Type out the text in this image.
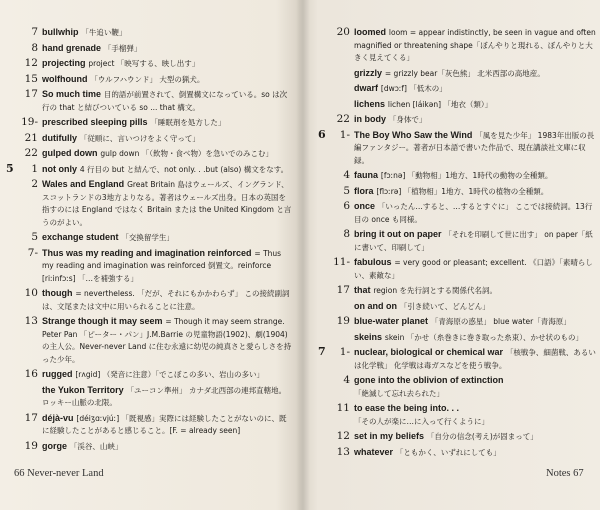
7 bullwhip 「牛追い鞭」
8 hand grenade 「手榴弾」
12 projecting project 「映写する、映し出す」
15 wolfhound 「ウルフハウンド」 大型の猟犬。
17 So much time 目的語が前置されて、倒置構文になっている。so は次行の that と結びついている so ... that 構文。
19- prescribed sleeping pills 「睡眠剤を処方した」
21 dutifully 「従順に、言いつけをよく守って」
22 gulped down gulp down 「（飲物・食べ物）を急いでのみこむ」
5	1 not only 4 行目の but と結んで、not only. . .but (also) 構文をなす。
2 Wales and England Great Britain 島はウェールズ、イングランド、スコットランドの3地方よりなる。著者はウェールズ出身。日本の英国を指すのには England ではなく Britain または the United Kingdom と言うのがよい。
5 exchange student 「交換留学生」
7- Thus was my reading and imagination reinforced = Thus my reading and imagination was reinforced 倒置文。reinforce [riːinfɔːs] 「…を補強する」
10 though = nevertheless. 「だが、それにもかかわらず」 この接続副詞は、文尾または文中に用いられることに注意。
13 Strange though it may seem = Though it may seem strange. Peter Pan 「ピーター・パン」J.M.Barrie の児童物語(1902)、劇(1904) の主人公。Never-never Land に住む永遠に幼児の純真さと愛らしさを持った少年。
16 rugged [rʌgid] （発音に注意）「でこぼこの多い、岩山の多い」
the Yukon Territory 「ユーコン準州」 カナダ北西部の連邦直轄地。ロッキー山脈の北限。
17 déjà-vu [déiʒɑːvjúː] 「既視感」実際には経験したことがないのに、既に経験したことがあると感じること。[F. = already seen]
19 gorge 「渓谷、山峡」
20 loomed loom = appear indistinctly, be seen in vague and often magnified or threatening shape「ぼんやりと現れる、ぼんやりと大きく見えてくる」
grizzly = grizzly bear「灰色熊」 北米西部の高地産。
dwarf [dwɔːf] 「低木の」
lichens lichen [láikən] 「地衣（類）」
22 in body 「身体で」
6	1- The Boy Who Saw the Wind 「風を見た少年」 1983年出版の長編ファンタジー。著者が日本語で書いた作品で、現在講談社文庫に収録。
4 fauna [fɔːnə] 「動物相」1地方、1時代の動物の全種類。
5 flora [flɔːrə] 「植物相」1地方、1時代の植物の全種類。
6 once 「いったん…すると、…するとすぐに」 ここでは接続詞。13行目の once も同様。
8 bring it out on paper 「それを印刷して世に出す」 on paper「紙に書いて、印刷して」
11- fabulous = very good or pleasant; excellent. 《口語》「素晴らしい、素敵な」
17 that region を先行詞とする関係代名詞。
on and on 「引き続いて、どんどん」
19 blue-water planet 「青海原の惑星」 blue water「青海原」
skeins skein 「かせ（糸巻きに巻き取った糸束）、かせ状のもの」
7	1- nuclear, biological or chemical war 「核戦争、細菌戦、あるいは化学戦」 化学戦は毒ガスなどを使う戦争。
4 gone into the oblivion of extinction 「絶滅して忘れ去られた」
11 to ease the being into. . . 「その人が楽に…に入って行くように」
12 set in my beliefs 「自分の信念(考え)が固まって」
13 whatever 「ともかく、いずれにしても」
66 Never-never Land	Notes 67
